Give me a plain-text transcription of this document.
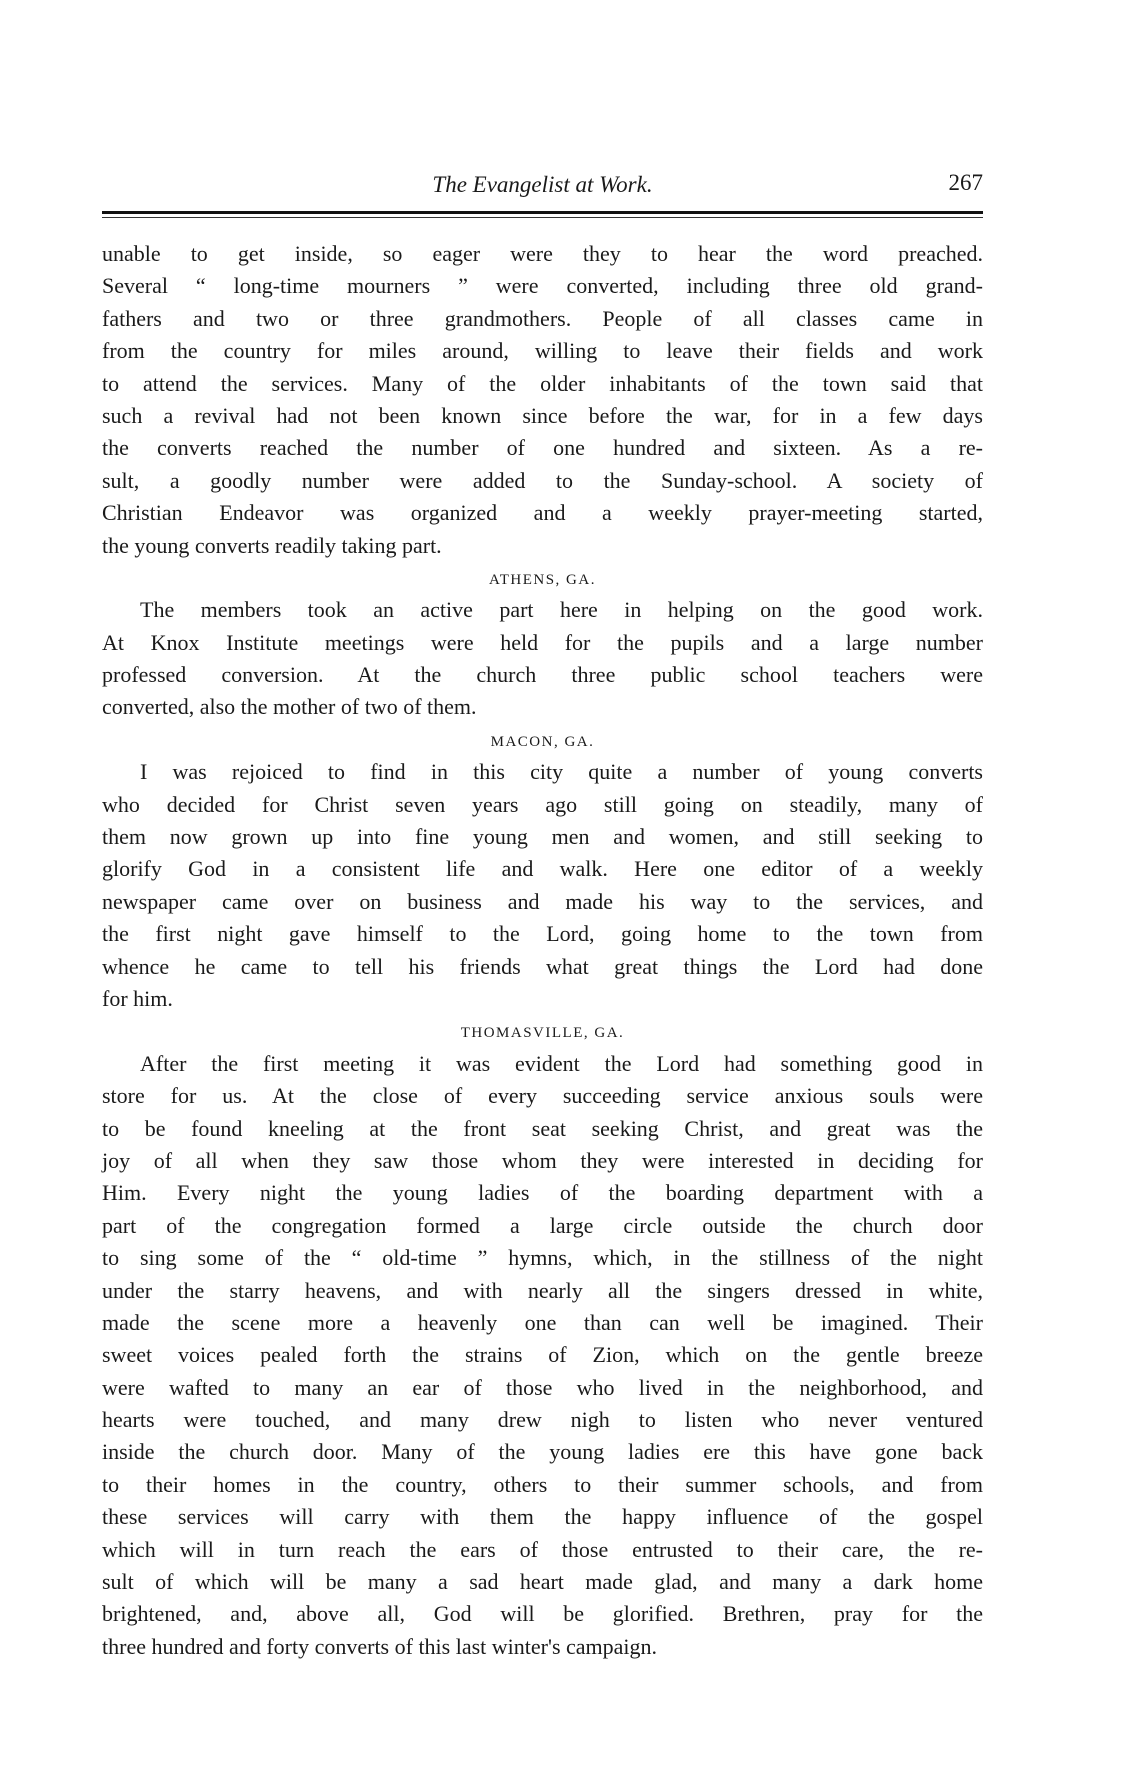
The Evangelist at Work.	267
unable to get inside, so eager were they to hear the word preached.
Several “ long-time mourners ” were converted, including three old grand-
fathers and two or three grandmothers. People of all classes came in
from the country for miles around, willing to leave their fields and work
to attend the services. Many of the older inhabitants of the town said that
such a revival had not been known since before the war, for in a few days
the converts reached the number of one hundred and sixteen. As a re-
sult, a goodly number were added to the Sunday-school. A society of
Christian Endeavor was organized and a weekly prayer-meeting started,
the young converts readily taking part.
ATHENS, GA.
The members took an active part here in helping on the good work.
At Knox Institute meetings were held for the pupils and a large number
professed conversion. At the church three public school teachers were
converted, also the mother of two of them.
MACON, GA.
I was rejoiced to find in this city quite a number of young converts
who decided for Christ seven years ago still going on steadily, many of
them now grown up into fine young men and women, and still seeking to
glorify God in a consistent life and walk. Here one editor of a weekly
newspaper came over on business and made his way to the services, and
the first night gave himself to the Lord, going home to the town from
whence he came to tell his friends what great things the Lord had done
for him.
THOMASVILLE, GA.
After the first meeting it was evident the Lord had something good in
store for us. At the close of every succeeding service anxious souls were
to be found kneeling at the front seat seeking Christ, and great was the
joy of all when they saw those whom they were interested in deciding for
Him. Every night the young ladies of the boarding department with a
part of the congregation formed a large circle outside the church door
to sing some of the “ old-time ” hymns, which, in the stillness of the night
under the starry heavens, and with nearly all the singers dressed in white,
made the scene more a heavenly one than can well be imagined. Their
sweet voices pealed forth the strains of Zion, which on the gentle breeze
were wafted to many an ear of those who lived in the neighborhood, and
hearts were touched, and many drew nigh to listen who never ventured
inside the church door. Many of the young ladies ere this have gone back
to their homes in the country, others to their summer schools, and from
these services will carry with them the happy influence of the gospel
which will in turn reach the ears of those entrusted to their care, the re-
sult of which will be many a sad heart made glad, and many a dark home
brightened, and, above all, God will be glorified. Brethren, pray for the
three hundred and forty converts of this last winter's campaign.
